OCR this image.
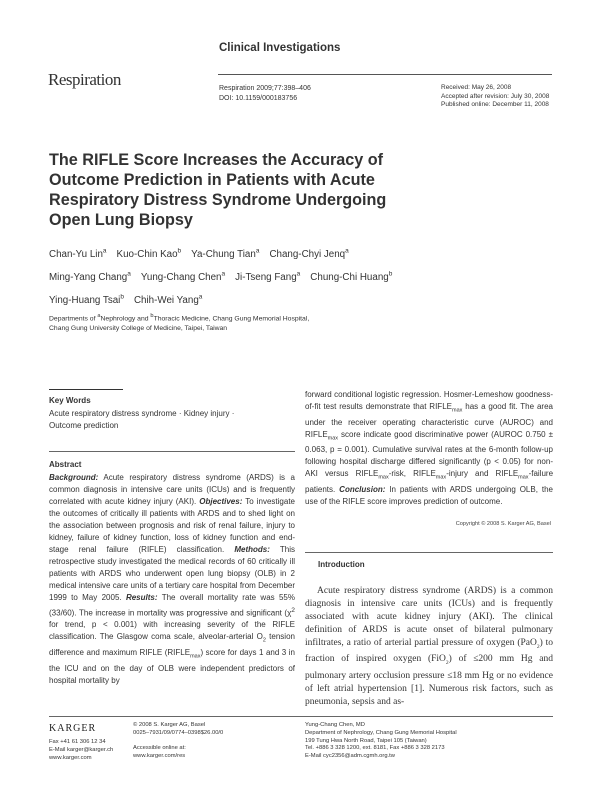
Clinical Investigations
Respiration	Respiration 2009;77:398–406
DOI: 10.1159/000183756
Received: May 26, 2008
Accepted after revision: July 30, 2008
Published online: December 11, 2008
The RIFLE Score Increases the Accuracy of Outcome Prediction in Patients with Acute Respiratory Distress Syndrome Undergoing Open Lung Biopsy
Chan-Yu Lin$^a$ Kuo-Chin Kao$^b$ Ya-Chung Tian$^a$ Chang-Chyi Jenq$^a$
Ming-Yang Chang$^a$ Yung-Chang Chen$^a$ Ji-Tseng Fang$^a$ Chung-Chi Huang$^b$
Ying-Huang Tsai$^b$ Chih-Wei Yang$^a$
Departments of $^a$Nephrology and $^b$Thoracic Medicine, Chang Gung Memorial Hospital,
Chang Gung University College of Medicine, Taipei, Taiwan
Key Words
Acute respiratory distress syndrome · Kidney injury ·
Outcome prediction
Abstract
Background: Acute respiratory distress syndrome (ARDS) is a common diagnosis in intensive care units (ICUs) and is frequently correlated with acute kidney injury (AKI). Objectives: To investigate the outcomes of critically ill patients with ARDS and to shed light on the association between prognosis and risk of renal failure, injury to kidney, failure of kidney function, loss of kidney function and end-stage renal failure (RIFLE) classification. Methods: This retrospective study investigated the medical records of 60 critically ill patients with ARDS who underwent open lung biopsy (OLB) in 2 medical intensive care units of a tertiary care hospital from December 1999 to May 2005. Results: The overall mortality rate was 55% (33/60). The increase in mortality was progressive and significant ($\chi^2$ for trend, p < 0.001) with increasing severity of the RIFLE classification. The Glasgow coma scale, alveolar-arterial $O_2$ tension difference and maximum RIFLE $(RIFLE_{max})$ score for days 1 and 3 in the ICU and on the day of OLB were independent predictors of hospital mortality by
forward conditional logistic regression. Hosmer-Lemeshow goodness-of-fit test results demonstrate that $RIFLE_{max}$ has a good fit. The area under the receiver operating characteristic curve (AUROC) and $RIFLE_{max}$ score indicate good discriminative power (AUROC 0.750 ± 0.063, p = 0.001). Cumulative survival rates at the 6-month follow-up following hospital discharge differed significantly (p < 0.05) for non-AKI versus $RIFLE_{max}$-risk, $RIFLE_{max}$-injury and $RIFLE_{max}$-failure patients. Conclusion: In patients with ARDS undergoing OLB, the use of the RIFLE score improves prediction of outcome.
Copyright © 2008 S. Karger AG, Basel
Introduction
Acute respiratory distress syndrome (ARDS) is a common diagnosis in intensive care units (ICUs) and is frequently associated with acute kidney injury (AKI). The clinical definition of ARDS is acute onset of bilateral pulmonary infiltrates, a ratio of arterial partial pressure of oxygen (PaO$_2$) to fraction of inspired oxygen (FiO$_2$) of ≤200 mm Hg and pulmonary artery occlusion pressure ≤18 mm Hg or no evidence of left atrial hypertension [1]. Numerous risk factors, such as pneumonia, sepsis and as-
KARGER
Fax +41 61 306 12 34
E-Mail karger@karger.ch
www.karger.com
© 2008 S. Karger AG, Basel
0025–7931/09/0774–0398$26.00/0

Accessible online at:
www.karger.com/res
Yung-Chang Chen, MD
Department of Nephrology, Chang Gung Memorial Hospital
199 Tung Hwa North Road, Taipei 105 (Taiwan)
Tel. +886 3 328 1200, ext. 8181, Fax +886 3 328 2173
E-Mail cyc2356@adm.cgmh.org.tw
